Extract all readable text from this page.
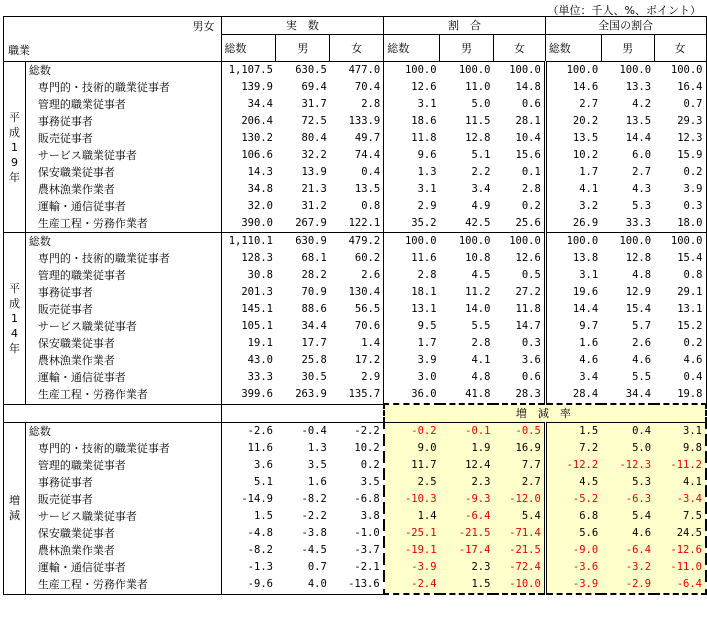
（単位：千人、%、ポイント）
男女
職業		実　数			割　合			全国の割合		
		総数	男	女	総数	男	女	総数	男	女
平
成
1
9
年	総数	1,107.5	630.5	477.0	100.0	100.0	100.0	100.0	100.0	100.0
	専門的・技術的職業従事者	139.9	69.4	70.4	12.6	11.0	14.8	14.6	13.3	16.4
	管理的職業従事者	34.4	31.7	2.8	3.1	5.0	0.6	2.7	4.2	0.7
	事務従事者	206.4	72.5	133.9	18.6	11.5	28.1	20.2	13.5	29.3
	販売従事者	130.2	80.4	49.7	11.8	12.8	10.4	13.5	14.4	12.3
	サービス職業従事者	106.6	32.2	74.4	9.6	5.1	15.6	10.2	6.0	15.9
	保安職業従事者	14.3	13.9	0.4	1.3	2.2	0.1	1.7	2.7	0.2
	農林漁業作業者	34.8	21.3	13.5	3.1	3.4	2.8	4.1	4.3	3.9
	運輸・通信従事者	32.0	31.2	0.8	2.9	4.9	0.2	3.2	5.3	0.3
	生産工程・労務作業者	390.0	267.9	122.1	35.2	42.5	25.6	26.9	33.3	18.0
平
成
1
4
年	総数	1,110.1	630.9	479.2	100.0	100.0	100.0	100.0	100.0	100.0
	専門的・技術的職業従事者	128.3	68.1	60.2	11.6	10.8	12.6	13.8	12.8	15.4
	管理的職業従事者	30.8	28.2	2.6	2.8	4.5	0.5	3.1	4.8	0.8
	事務従事者	201.3	70.9	130.4	18.1	11.2	27.2	19.6	12.9	29.1
	販売従事者	145.1	88.6	56.5	13.1	14.0	11.8	14.4	15.4	13.1
	サービス職業従事者	105.1	34.4	70.6	9.5	5.5	14.7	9.7	5.7	15.2
	保安職業従事者	19.1	17.7	1.4	1.7	2.8	0.3	1.6	2.6	0.2
	農林漁業作業者	43.0	25.8	17.2	3.9	4.1	3.6	4.6	4.6	4.6
	運輸・通信従事者	33.3	30.5	2.9	3.0	4.8	0.6	3.4	5.5	0.4
	生産工程・労務作業者	399.6	263.9	135.7	36.0	41.8	28.3	28.4	34.4	19.8
					増　減　率					
増
減	総数	-2.6	-0.4	-2.2	-0.2	-0.1	-0.5	1.5	0.4	3.1
	専門的・技術的職業従事者	11.6	1.3	10.2	9.0	1.9	16.9	7.2	5.0	9.8
	管理的職業従事者	3.6	3.5	0.2	11.7	12.4	7.7	-12.2	-12.3	-11.2
	事務従事者	5.1	1.6	3.5	2.5	2.3	2.7	4.5	5.3	4.1
	販売従事者	-14.9	-8.2	-6.8	-10.3	-9.3	-12.0	-5.2	-6.3	-3.4
	サービス職業従事者	1.5	-2.2	3.8	1.4	-6.4	5.4	6.8	5.4	7.5
	保安職業従事者	-4.8	-3.8	-1.0	-25.1	-21.5	-71.4	5.6	4.6	24.5
	農林漁業作業者	-8.2	-4.5	-3.7	-19.1	-17.4	-21.5	-9.0	-6.4	-12.6
	運輸・通信従事者	-1.3	0.7	-2.1	-3.9	2.3	-72.4	-3.6	-3.2	-11.0
	生産工程・労務作業者	-9.6	4.0	-13.6	-2.4	1.5	-10.0	-3.9	-2.9	-6.4
